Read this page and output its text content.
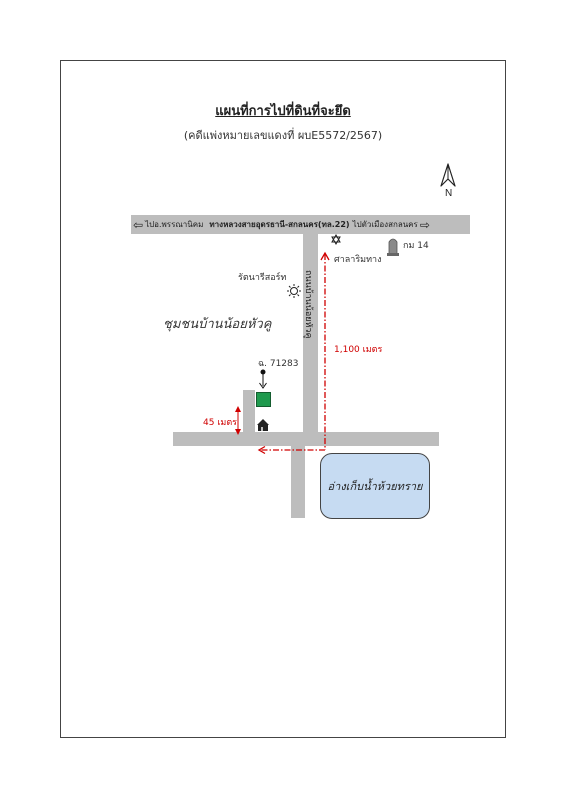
แผนที่การไปที่ดินที่จะยึด
(คดีแพ่งหมายเลขแดงที่ ผบE5572/2567)
⇦ ไปอ.พรรณานิคม ทางหลวงสายอุดรธานี-สกลนคร(ทล.22) ไปตัวเมืองสกลนคร ⇨
ถนนบ้านน้อยหัวคู
อ่างเก็บน้ำห้วยทราย
กม 14
ศาลาริมทาง
รัตนารีสอร์ท
ชุมชนบ้านน้อยหัวคู
ฉ. 71283
1,100 เมตร
45 เมตร
N
